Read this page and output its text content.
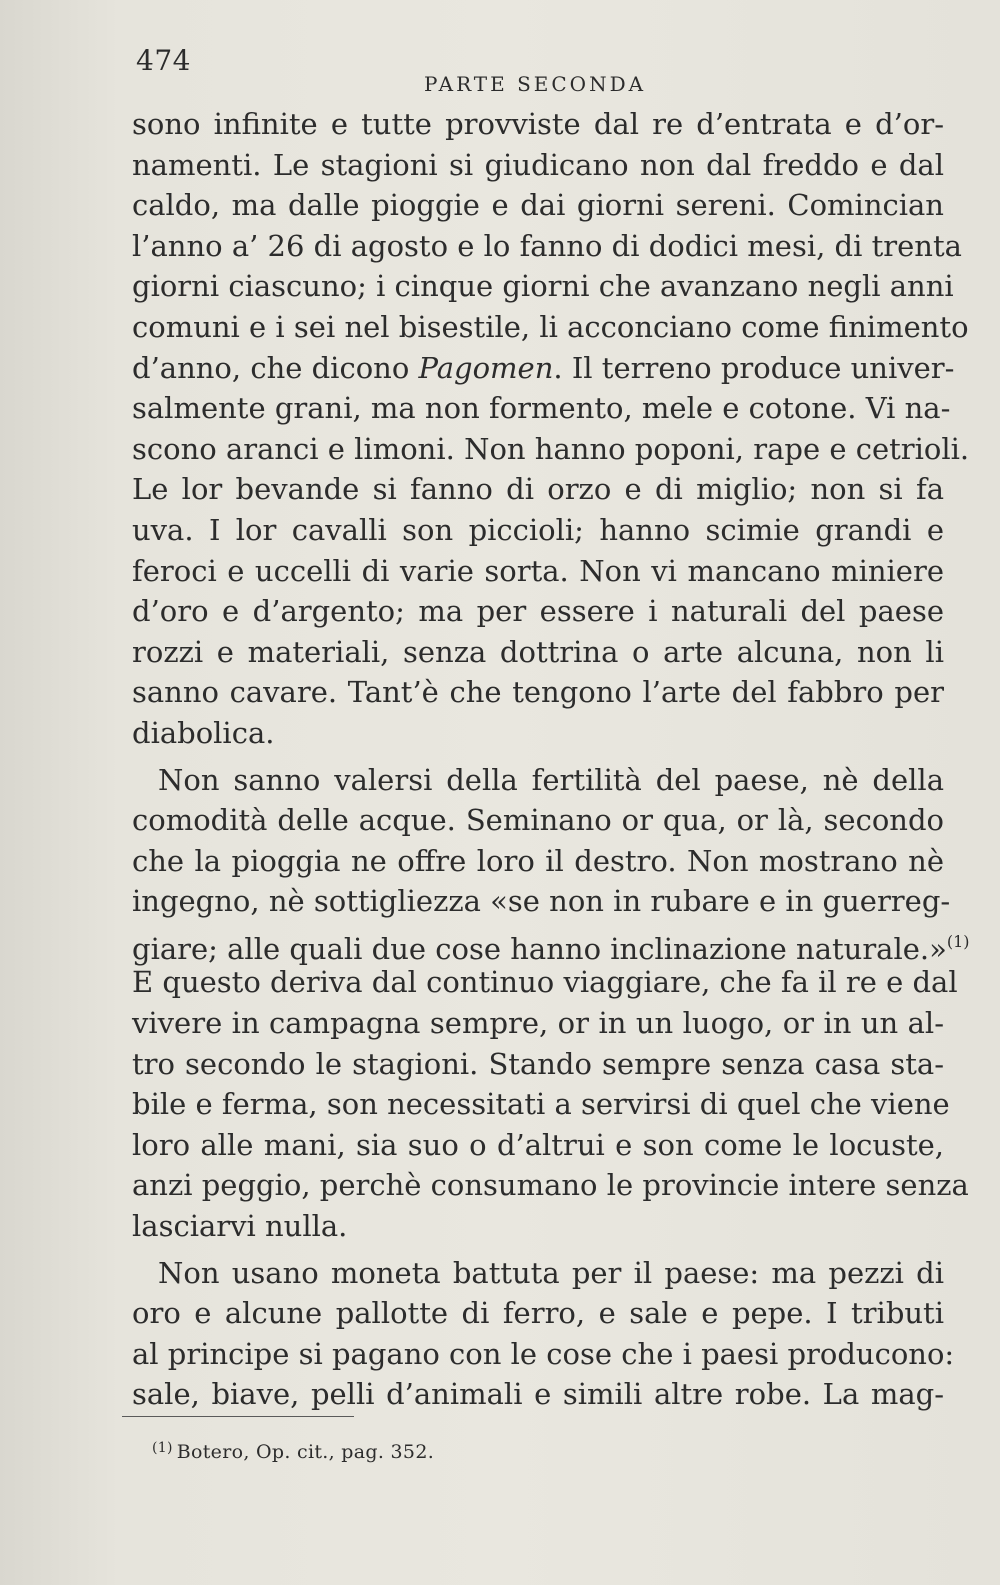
474
PARTE SECONDA
sono infinite e tutte provviste dal re d’entrata e d’or-
namenti. Le stagioni si giudicano non dal freddo e dal
caldo, ma dalle pioggie e dai giorni sereni. Comincian
l’anno a’ 26 di agosto e lo fanno di dodici mesi, di trenta
giorni ciascuno; i cinque giorni che avanzano negli anni
comuni e i sei nel bisestile, li acconciano come finimento
d’anno, che dicono Pagomen. Il terreno produce univer-
salmente grani, ma non formento, mele e cotone. Vi na-
scono aranci e limoni. Non hanno poponi, rape e cetrioli.
Le lor bevande si fanno di orzo e di miglio; non si fa
uva. I lor cavalli son piccioli; hanno scimie grandi e
feroci e uccelli di varie sorta. Non vi mancano miniere
d’oro e d’argento; ma per essere i naturali del paese
rozzi e materiali, senza dottrina o arte alcuna, non li
sanno cavare. Tant’è che tengono l’arte del fabbro per
diabolica.
Non sanno valersi della fertilità del paese, nè della
comodità delle acque. Seminano or qua, or là, secondo
che la pioggia ne offre loro il destro. Non mostrano nè
ingegno, nè sottigliezza «se non in rubare e in guerreg-
giare; alle quali due cose hanno inclinazione naturale.»$^{(1)}$
E questo deriva dal continuo viaggiare, che fa il re e dal
vivere in campagna sempre, or in un luogo, or in un al-
tro secondo le stagioni. Stando sempre senza casa sta-
bile e ferma, son necessitati a servirsi di quel che viene
loro alle mani, sia suo o d’altrui e son come le locuste,
anzi peggio, perchè consumano le provincie intere senza
lasciarvi nulla.
Non usano moneta battuta per il paese: ma pezzi di
oro e alcune pallotte di ferro, e sale e pepe. I tributi
al principe si pagano con le cose che i paesi producono:
sale, biave, pelli d’animali e simili altre robe. La mag-
$^{(1)}$ Botero, Op. cit., pag. 352.
